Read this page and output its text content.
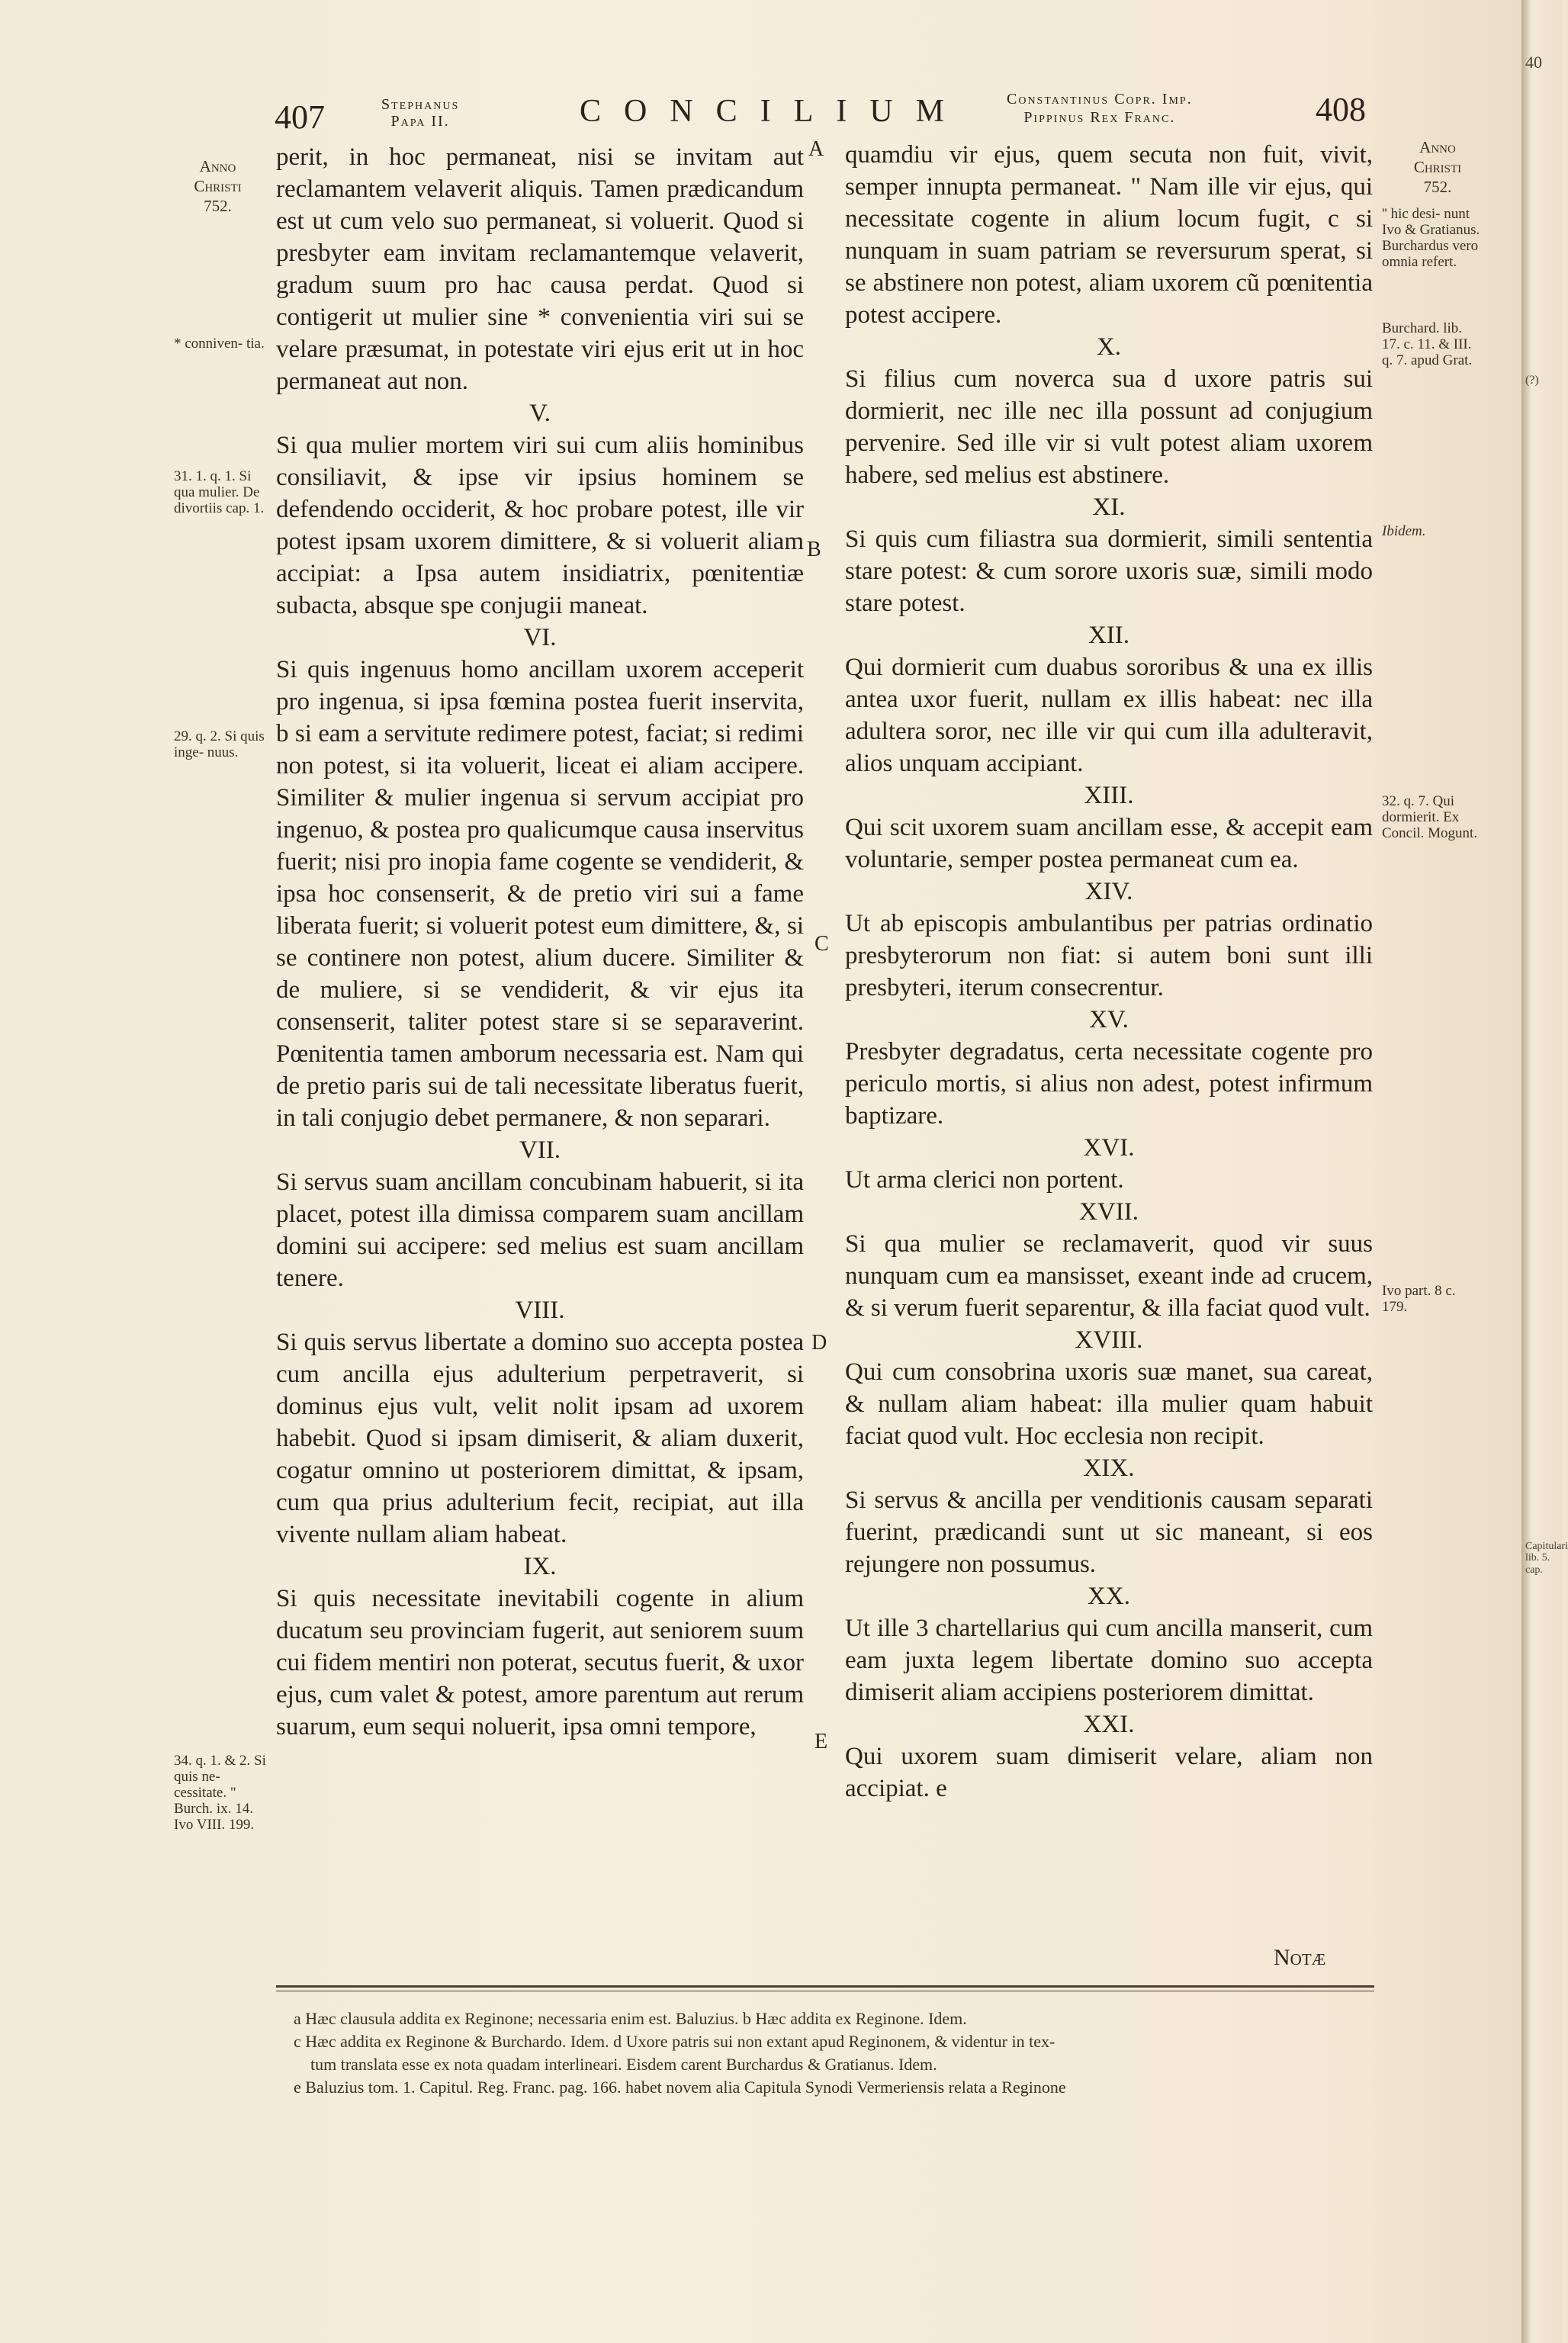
40
(?)
Capitulari lib. 5. cap.
407	Stephanus
Papa II.	CONCILIUM	Constantinus Copr. Imp.
Pippinus Rex Franc.	408
Anno
Christi
752.
* conniven- tia.
31. 1. q. 1. Si qua mulier. De divortiis cap. 1.
29. q. 2. Si quis inge- nuus.
34. q. 1. & 2. Si quis ne- cessitate. " Burch. ix. 14. Ivo VIII. 199.
Anno
Christi
752.
'' hic desi- nunt Ivo & Gratianus. Burchardus vero omnia refert.
Burchard. lib. 17. c. 11. & III. q. 7. apud Grat.
Ibidem.
32. q. 7. Qui dormierit. Ex Concil. Mogunt.
Ivo part. 8 c. 179.
A
B
C
D
E

perit, in hoc permaneat, nisi se invitam aut reclamantem velaverit aliquis. Tamen prædicandum est ut cum velo suo permaneat, si voluerit. Quod si presbyter eam invitam reclamantemque velaverit, gradum suum pro hac causa perdat. Quod si contigerit ut mulier sine * convenientia viri sui se velare præsumat, in potestate viri ejus erit ut in hoc permaneat aut non.

V.

Si qua mulier mortem viri sui cum aliis hominibus consiliavit, & ipse vir ipsius hominem se defendendo occiderit, & hoc probare potest, ille vir potest ipsam uxorem dimittere, & si voluerit aliam accipiat: a Ipsa autem insidiatrix, pœnitentiæ subacta, absque spe conjugii maneat.

VI.

Si quis ingenuus homo ancillam uxorem acceperit pro ingenua, si ipsa fœmina postea fuerit inservita, b si eam a servitute redimere potest, faciat; si redimi non potest, si ita voluerit, liceat ei aliam accipere. Similiter & mulier ingenua si servum accipiat pro ingenuo, & postea pro qualicumque causa inservitus fuerit; nisi pro inopia fame cogente se vendiderit, & ipsa hoc consenserit, & de pretio viri sui a fame liberata fuerit; si voluerit potest eum dimittere, &, si se continere non potest, alium ducere. Similiter & de muliere, si se vendiderit, & vir ejus ita consenserit, taliter potest stare si se separaverint. Pœnitentia tamen amborum necessaria est. Nam qui de pretio paris sui de tali necessitate liberatus fuerit, in tali conjugio debet permanere, & non separari.

VII.

Si servus suam ancillam concubinam habuerit, si ita placet, potest illa dimissa comparem suam ancillam domini sui accipere: sed melius est suam ancillam tenere.

VIII.

Si quis servus libertate a domino suo accepta postea cum ancilla ejus adulterium perpetraverit, si dominus ejus vult, velit nolit ipsam ad uxorem habebit. Quod si ipsam dimiserit, & aliam duxerit, cogatur omnino ut posteriorem dimittat, & ipsam, cum qua prius adulterium fecit, recipiat, aut illa vivente nullam aliam habeat.

IX.

Si quis necessitate inevitabili cogente in alium ducatum seu provinciam fugerit, aut seniorem suum cui fidem mentiri non poterat, secutus fuerit, & uxor ejus, cum valet & potest, amore parentum aut rerum suarum, eum sequi noluerit, ipsa omni tempore,

quamdiu vir ejus, quem secuta non fuit, vivit, semper innupta permaneat. " Nam ille vir ejus, qui necessitate cogente in alium locum fugit, c si nunquam in suam patriam se reversurum sperat, si se abstinere non potest, aliam uxorem cũ pœnitentia potest accipere.

X.

Si filius cum noverca sua d uxore patris sui dormierit, nec ille nec illa possunt ad conjugium pervenire. Sed ille vir si vult potest aliam uxorem habere, sed melius est abstinere.

XI.

Si quis cum filiastra sua dormierit, simili sententia stare potest: & cum sorore uxoris suæ, simili modo stare potest.

XII.

Qui dormierit cum duabus sororibus & una ex illis antea uxor fuerit, nullam ex illis habeat: nec illa adultera soror, nec ille vir qui cum illa adulteravit, alios unquam accipiant.

XIII.

Qui scit uxorem suam ancillam esse, & accepit eam voluntarie, semper postea permaneat cum ea.

XIV.

Ut ab episcopis ambulantibus per patrias ordinatio presbyterorum non fiat: si autem boni sunt illi presbyteri, iterum consecrentur.

XV.

Presbyter degradatus, certa necessitate cogente pro periculo mortis, si alius non adest, potest infirmum baptizare.

XVI.

Ut arma clerici non portent.

XVII.

Si qua mulier se reclamaverit, quod vir suus nunquam cum ea mansisset, exeant inde ad crucem, & si verum fuerit separentur, & illa faciat quod vult.

XVIII.

Qui cum consobrina uxoris suæ manet, sua careat, & nullam aliam habeat: illa mulier quam habuit faciat quod vult. Hoc ecclesia non recipit.

XIX.

Si servus & ancilla per venditionis causam separati fuerint, prædicandi sunt ut sic maneant, si eos rejungere non possumus.

XX.

Ut ille 3 chartellarius qui cum ancilla manserit, cum eam juxta legem libertate domino suo accepta dimiserit aliam accipiens posteriorem dimittat.

XXI.

Qui uxorem suam dimiserit velare, aliam non accipiat. e

Notæ

a Hæc clausula addita ex Reginone; necessaria enim est. Baluzius. b Hæc addita ex Reginone. Idem.

c Hæc addita ex Reginone & Burchardo. Idem. d Uxore patris sui non extant apud Reginonem, & videntur in tex-

tum translata esse ex nota quadam interlineari. Eisdem carent Burchardus & Gratianus. Idem.

e Baluzius tom. 1. Capitul. Reg. Franc. pag. 166. habet novem alia Capitula Synodi Vermeriensis relata a Reginone
